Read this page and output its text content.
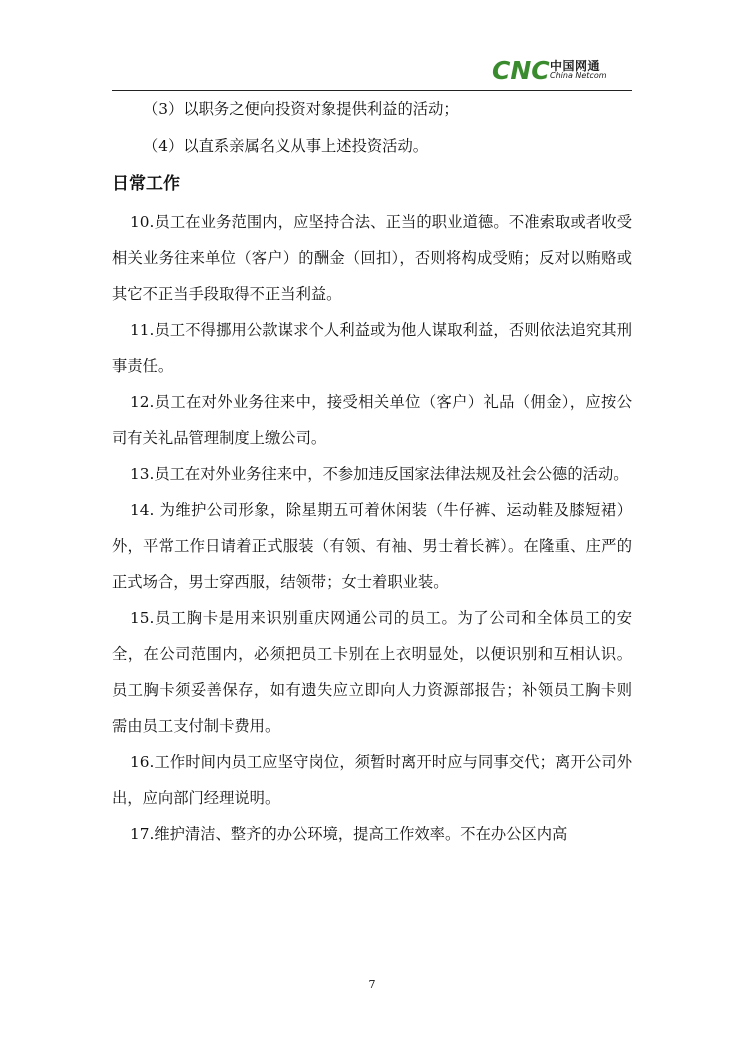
CNC 中国网通
China Netcom
（3）以职务之便向投资对象提供利益的活动；
（4）以直系亲属名义从事上述投资活动。
日常工作

10.员工在业务范围内，应坚持合法、正当的职业道德。不准索取或者收受相关业务往来单位（客户）的酬金（回扣），否则将构成受贿；反对以贿赂或其它不正当手段取得不正当利益。

11.员工不得挪用公款谋求个人利益或为他人谋取利益，否则依法追究其刑事责任。

12.员工在对外业务往来中，接受相关单位（客户）礼品（佣金），应按公司有关礼品管理制度上缴公司。

13.员工在对外业务往来中，不参加违反国家法律法规及社会公德的活动。

14. 为维护公司形象，除星期五可着休闲装（牛仔裤、运动鞋及膝短裙）外，平常工作日请着正式服装（有领、有袖、男士着长裤）。在隆重、庄严的正式场合，男士穿西服，结领带；女士着职业装。

15.员工胸卡是用来识别重庆网通公司的员工。为了公司和全体员工的安全，在公司范围内，必须把员工卡别在上衣明显处，以便识别和互相认识。员工胸卡须妥善保存，如有遗失应立即向人力资源部报告；补领员工胸卡则需由员工支付制卡费用。

16.工作时间内员工应坚守岗位，须暂时离开时应与同事交代；离开公司外出，应向部门经理说明。

17.维护清洁、整齐的办公环境，提高工作效率。不在办公区内高

7
